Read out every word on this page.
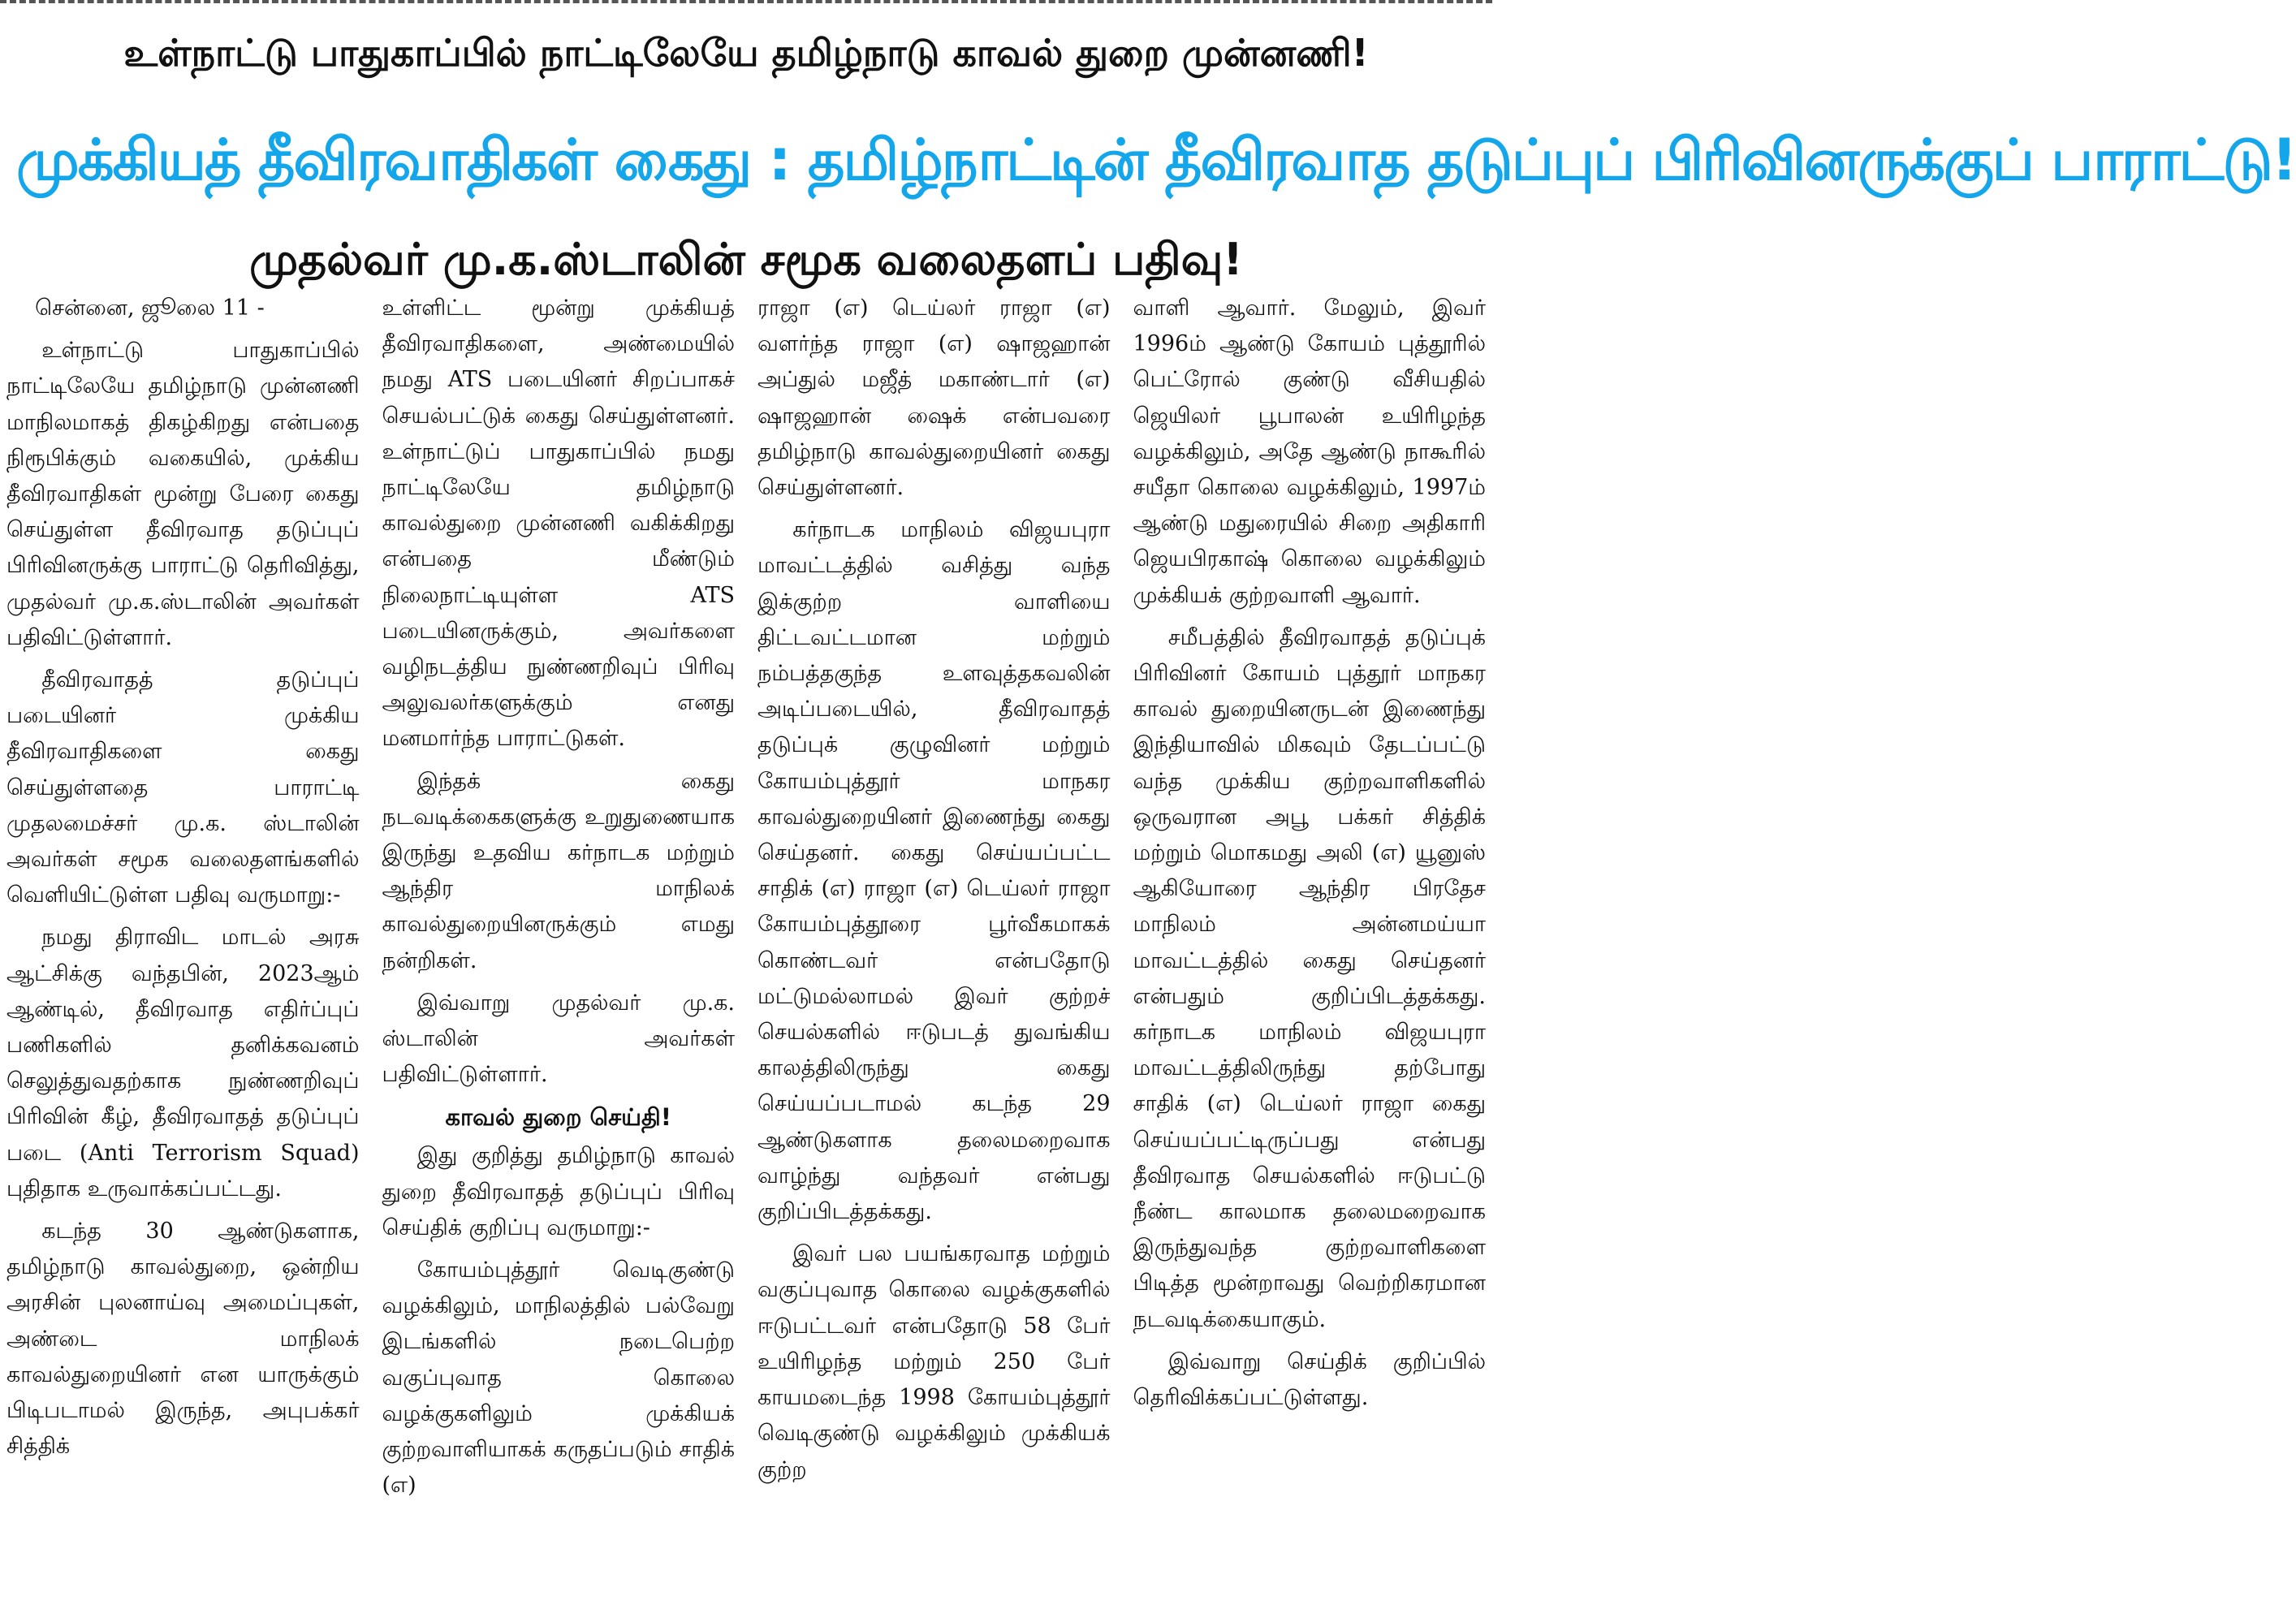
உள்நாட்டு பாதுகாப்பில் நாட்டிலேயே தமிழ்நாடு காவல் துறை முன்னணி!
முக்கியத் தீவிரவாதிகள் கைது : தமிழ்நாட்டின் தீவிரவாத தடுப்புப் பிரிவினருக்குப் பாராட்டு!
முதல்வர் மு.க.ஸ்டாலின் சமூக வலைதளப் பதிவு!

சென்னை, ஜூலை 11 -

உள்நாட்டு பாதுகாப்பில் நாட்டிலேயே தமிழ்நாடு முன்னணி மாநிலமாகத் திகழ்கிறது என்பதை நிரூபிக்கும் வகையில், முக்கிய தீவிரவாதிகள் மூன்று பேரை கைது செய்துள்ள தீவிரவாத தடுப்புப் பிரிவினருக்கு பாராட்டு தெரிவித்து, முதல்வர் மு.க.ஸ்டாலின் அவர்கள் பதிவிட்டுள்ளார்.

தீவிரவாதத் தடுப்புப் படையினர் முக்கிய தீவிரவாதிகளை கைது செய்துள்ளதை பாராட்டி முதலமைச்சர் மு.க. ஸ்டாலின் அவர்கள் சமூக வலைதளங்களில் வெளியிட்டுள்ள பதிவு வருமாறு:-

நமது திராவிட மாடல் அரசு ஆட்சிக்கு வந்தபின், 2023ஆம் ஆண்டில், தீவிரவாத எதிர்ப்புப் பணிகளில் தனிக்கவனம் செலுத்துவதற்காக நுண்ணறிவுப் பிரிவின் கீழ், தீவிரவாதத் தடுப்புப் படை (Anti Terrorism Squad) புதிதாக உருவாக்கப்பட்டது.

கடந்த 30 ஆண்டுகளாக, தமிழ்நாடு காவல்துறை, ஒன்றிய அரசின் புலனாய்வு அமைப்புகள், அண்டை மாநிலக் காவல்துறையினர் என யாருக்கும் பிடிபடாமல் இருந்த, அபுபக்கர் சித்திக்

உள்ளிட்ட மூன்று முக்கியத் தீவிரவாதிகளை, அண்மையில் நமது ATS படையினர் சிறப்பாகச் செயல்பட்டுக் கைது செய்துள்ளனர். உள்நாட்டுப் பாதுகாப்பில் நமது நாட்டிலேயே தமிழ்நாடு காவல்துறை முன்னணி வகிக்கிறது என்பதை மீண்டும் நிலைநாட்டியுள்ள ATS படையினருக்கும், அவர்களை வழிநடத்திய நுண்ணறிவுப் பிரிவு அலுவலர்களுக்கும் எனது மனமார்ந்த பாராட்டுகள்.

இந்தக் கைது நடவடிக்கைகளுக்கு உறுதுணையாக இருந்து உதவிய கர்நாடக மற்றும் ஆந்திர மாநிலக் காவல்துறையினருக்கும் எமது நன்றிகள்.

இவ்வாறு முதல்வர் மு.க. ஸ்டாலின் அவர்கள் பதிவிட்டுள்ளார்.

காவல் துறை செய்தி!

இது குறித்து தமிழ்நாடு காவல் துறை தீவிரவாதத் தடுப்புப் பிரிவு செய்திக் குறிப்பு வருமாறு:-

கோயம்புத்தூர் வெடிகுண்டு வழக்கிலும், மாநிலத்தில் பல்வேறு இடங்களில் நடைபெற்ற வகுப்புவாத கொலை வழக்குகளிலும் முக்கியக் குற்றவாளியாகக் கருதப்படும் சாதிக் (எ)

ராஜா (எ) டெய்லர் ராஜா (எ) வளர்ந்த ராஜா (எ) ஷாஜஹான் அப்துல் மஜீத் மகாண்டார் (எ) ஷாஜஹான் ஷைக் என்பவரை தமிழ்நாடு காவல்துறையினர் கைது செய்துள்ளனர்.

கர்நாடக மாநிலம் விஜயபுரா மாவட்டத்தில் வசித்து வந்த இக்குற்ற வாளியை திட்டவட்டமான மற்றும் நம்பத்தகுந்த உளவுத்தகவலின் அடிப்படையில், தீவிரவாதத் தடுப்புக் குழுவினர் மற்றும் கோயம்புத்தூர் மாநகர காவல்துறையினர் இணைந்து கைது செய்தனர். கைது செய்யப்பட்ட சாதிக் (எ) ராஜா (எ) டெய்லர் ராஜா கோயம்புத்தூரை பூர்வீகமாகக் கொண்டவர் என்பதோடு மட்டுமல்லாமல் இவர் குற்றச் செயல்களில் ஈடுபடத் துவங்கிய காலத்திலிருந்து கைது செய்யப்படாமல் கடந்த 29 ஆண்டுகளாக தலைமறைவாக வாழ்ந்து வந்தவர் என்பது குறிப்பிடத்தக்கது.

இவர் பல பயங்கரவாத மற்றும் வகுப்புவாத கொலை வழக்குகளில் ஈடுபட்டவர் என்பதோடு 58 பேர் உயிரிழந்த மற்றும் 250 பேர் காயமடைந்த 1998 கோயம்புத்தூர் வெடிகுண்டு வழக்கிலும் முக்கியக் குற்ற

வாளி ஆவார். மேலும், இவர் 1996ம் ஆண்டு கோயம் புத்தூரில் பெட்ரோல் குண்டு வீசியதில் ஜெயிலர் பூபாலன் உயிரிழந்த வழக்கிலும், அதே ஆண்டு நாகூரில் சயீதா கொலை வழக்கிலும், 1997ம் ஆண்டு மதுரையில் சிறை அதிகாரி ஜெயபிரகாஷ் கொலை வழக்கிலும் முக்கியக் குற்றவாளி ஆவார்.

சமீபத்தில் தீவிரவாதத் தடுப்புக் பிரிவினர் கோயம் புத்தூர் மாநகர காவல் துறையினருடன் இணைந்து இந்தியாவில் மிகவும் தேடப்பட்டு வந்த முக்கிய குற்றவாளிகளில் ஒருவரான அபூ பக்கர் சித்திக் மற்றும் மொகமது அலி (எ) யூனுஸ் ஆகியோரை ஆந்திர பிரதேச மாநிலம் அன்னமய்யா மாவட்டத்தில் கைது செய்தனர் என்பதும் குறிப்பிடத்தக்கது. கர்நாடக மாநிலம் விஜயபுரா மாவட்டத்திலிருந்து தற்போது சாதிக் (எ) டெய்லர் ராஜா கைது செய்யப்பட்டிருப்பது என்பது தீவிரவாத செயல்களில் ஈடுபட்டு நீண்ட காலமாக தலைமறைவாக இருந்துவந்த குற்றவாளிகளை பிடித்த மூன்றாவது வெற்றிகரமான நடவடிக்கையாகும்.

இவ்வாறு செய்திக் குறிப்பில் தெரிவிக்கப்பட்டுள்ளது.
